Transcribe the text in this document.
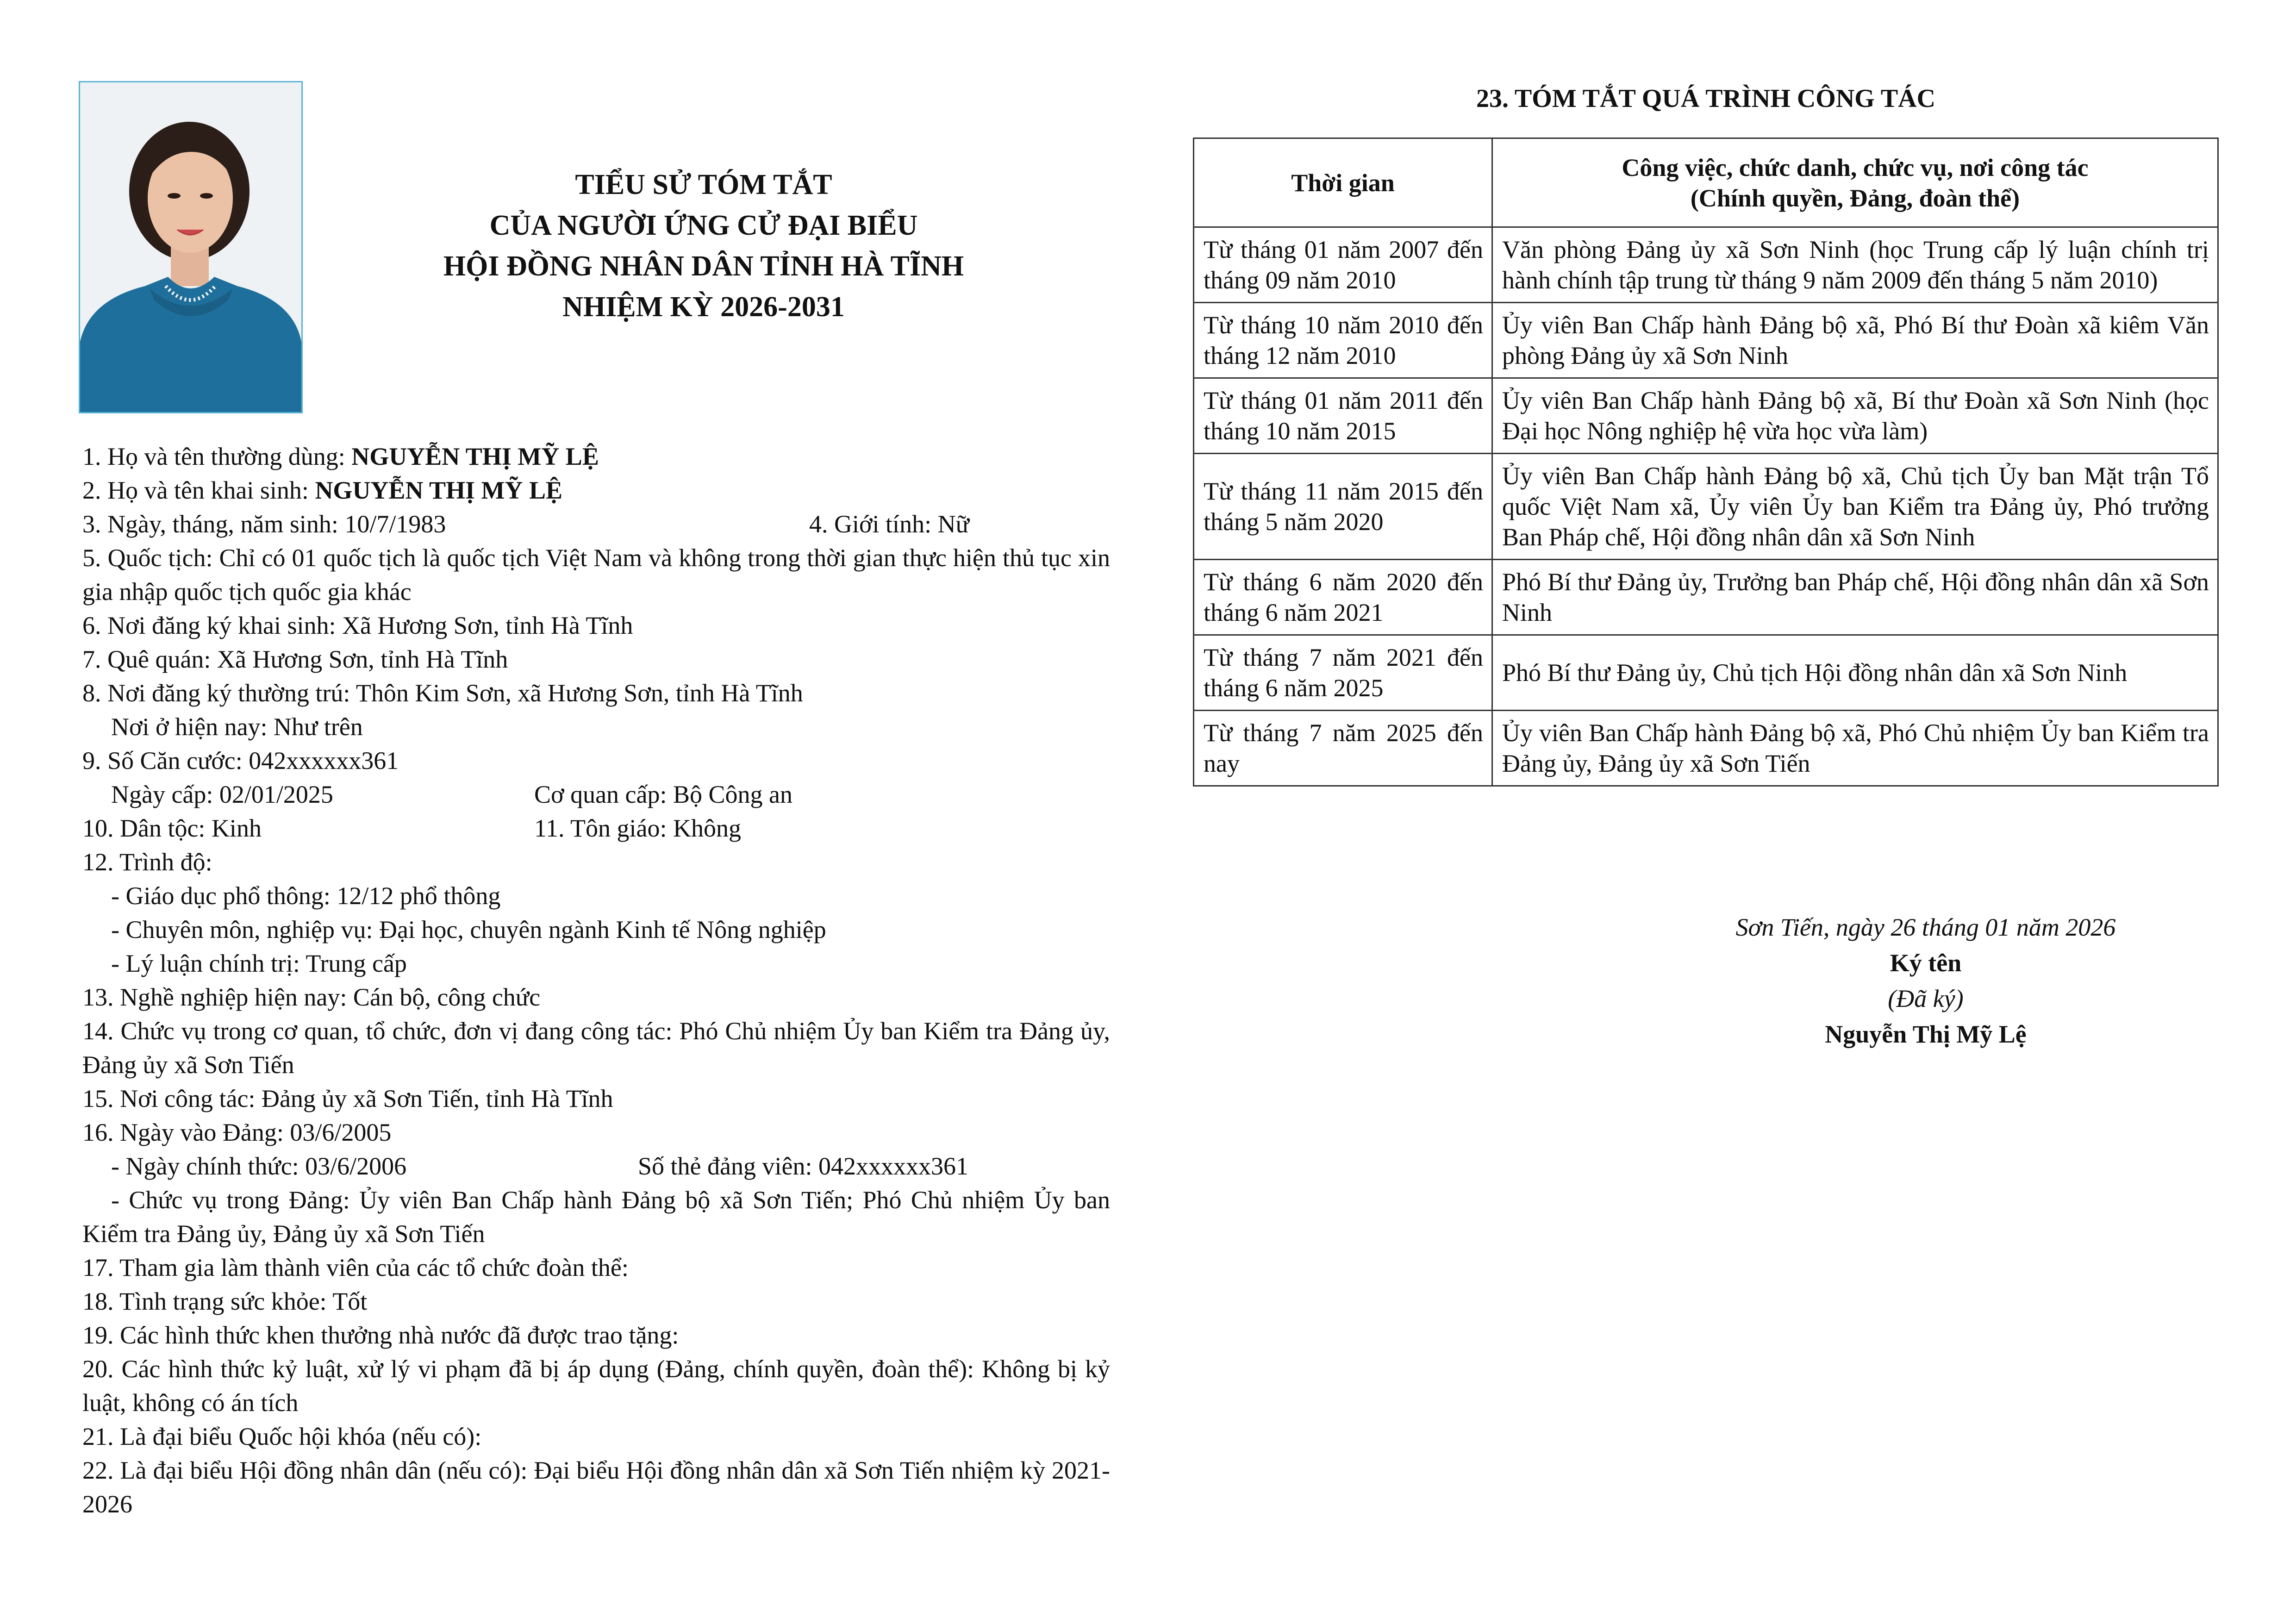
TIỂU SỬ TÓM TẮT
CỦA NGƯỜI ỨNG CỬ ĐẠI BIỂU
HỘI ĐỒNG NHÂN DÂN TỈNH HÀ TĨNH
NHIỆM KỲ 2026-2031
1. Họ và tên thường dùng: NGUYỄN THỊ MỸ LỆ
2. Họ và tên khai sinh: NGUYỄN THỊ MỸ LỆ
3. Ngày, tháng, năm sinh: 10/7/1983	4. Giới tính: Nữ
5. Quốc tịch: Chỉ có 01 quốc tịch là quốc tịch Việt Nam và không trong thời gian thực hiện thủ tục xin gia nhập quốc tịch quốc gia khác
6. Nơi đăng ký khai sinh: Xã Hương Sơn, tỉnh Hà Tĩnh
7. Quê quán: Xã Hương Sơn, tỉnh Hà Tĩnh
8. Nơi đăng ký thường trú: Thôn Kim Sơn, xã Hương Sơn, tỉnh Hà Tĩnh
Nơi ở hiện nay: Như trên
9. Số Căn cước: 042xxxxxx361
Ngày cấp: 02/01/2025	Cơ quan cấp: Bộ Công an
10. Dân tộc: Kinh	11. Tôn giáo: Không
12. Trình độ:
- Giáo dục phổ thông: 12/12 phổ thông
- Chuyên môn, nghiệp vụ: Đại học, chuyên ngành Kinh tế Nông nghiệp
- Lý luận chính trị: Trung cấp
13. Nghề nghiệp hiện nay: Cán bộ, công chức
14. Chức vụ trong cơ quan, tổ chức, đơn vị đang công tác: Phó Chủ nhiệm Ủy ban Kiểm tra Đảng ủy, Đảng ủy xã Sơn Tiến
15. Nơi công tác: Đảng ủy xã Sơn Tiến, tỉnh Hà Tĩnh
16. Ngày vào Đảng: 03/6/2005
- Ngày chính thức: 03/6/2006	Số thẻ đảng viên: 042xxxxxx361
- Chức vụ trong Đảng: Ủy viên Ban Chấp hành Đảng bộ xã Sơn Tiến; Phó Chủ nhiệm Ủy ban Kiểm tra Đảng ủy, Đảng ủy xã Sơn Tiến
17. Tham gia làm thành viên của các tổ chức đoàn thể:
18. Tình trạng sức khỏe: Tốt
19. Các hình thức khen thưởng nhà nước đã được trao tặng:
20. Các hình thức kỷ luật, xử lý vi phạm đã bị áp dụng (Đảng, chính quyền, đoàn thể): Không bị kỷ luật, không có án tích
21. Là đại biểu Quốc hội khóa (nếu có):
22. Là đại biểu Hội đồng nhân dân (nếu có): Đại biểu Hội đồng nhân dân xã Sơn Tiến nhiệm kỳ 2021-2026
23. TÓM TẮT QUÁ TRÌNH CÔNG TÁC
Thời gian	Công việc, chức danh, chức vụ, nơi công tác
(Chính quyền, Đảng, đoàn thể)

Từ tháng 01 năm 2007 đến tháng 09 năm 2010	Văn phòng Đảng ủy xã Sơn Ninh (học Trung cấp lý luận chính trị hành chính tập trung từ tháng 9 năm 2009 đến tháng 5 năm 2010)
Từ tháng 10 năm 2010 đến tháng 12 năm 2010	Ủy viên Ban Chấp hành Đảng bộ xã, Phó Bí thư Đoàn xã kiêm Văn phòng Đảng ủy xã Sơn Ninh
Từ tháng 01 năm 2011 đến tháng 10 năm 2015	Ủy viên Ban Chấp hành Đảng bộ xã, Bí thư Đoàn xã Sơn Ninh (học Đại học Nông nghiệp hệ vừa học vừa làm)
Từ tháng 11 năm 2015 đến tháng 5 năm 2020	Ủy viên Ban Chấp hành Đảng bộ xã, Chủ tịch Ủy ban Mặt trận Tổ quốc Việt Nam xã, Ủy viên Ủy ban Kiểm tra Đảng ủy, Phó trưởng Ban Pháp chế, Hội đồng nhân dân xã Sơn Ninh
Từ tháng 6 năm 2020 đến tháng 6 năm 2021	Phó Bí thư Đảng ủy, Trưởng ban Pháp chế, Hội đồng nhân dân xã Sơn Ninh
Từ tháng 7 năm 2021 đến tháng 6 năm 2025	Phó Bí thư Đảng ủy, Chủ tịch Hội đồng nhân dân xã Sơn Ninh
Từ tháng 7 năm 2025 đến nay	Ủy viên Ban Chấp hành Đảng bộ xã, Phó Chủ nhiệm Ủy ban Kiểm tra Đảng ủy, Đảng ủy xã Sơn Tiến
Sơn Tiến, ngày 26 tháng 01 năm 2026
Ký tên
(Đã ký)
Nguyễn Thị Mỹ Lệ
